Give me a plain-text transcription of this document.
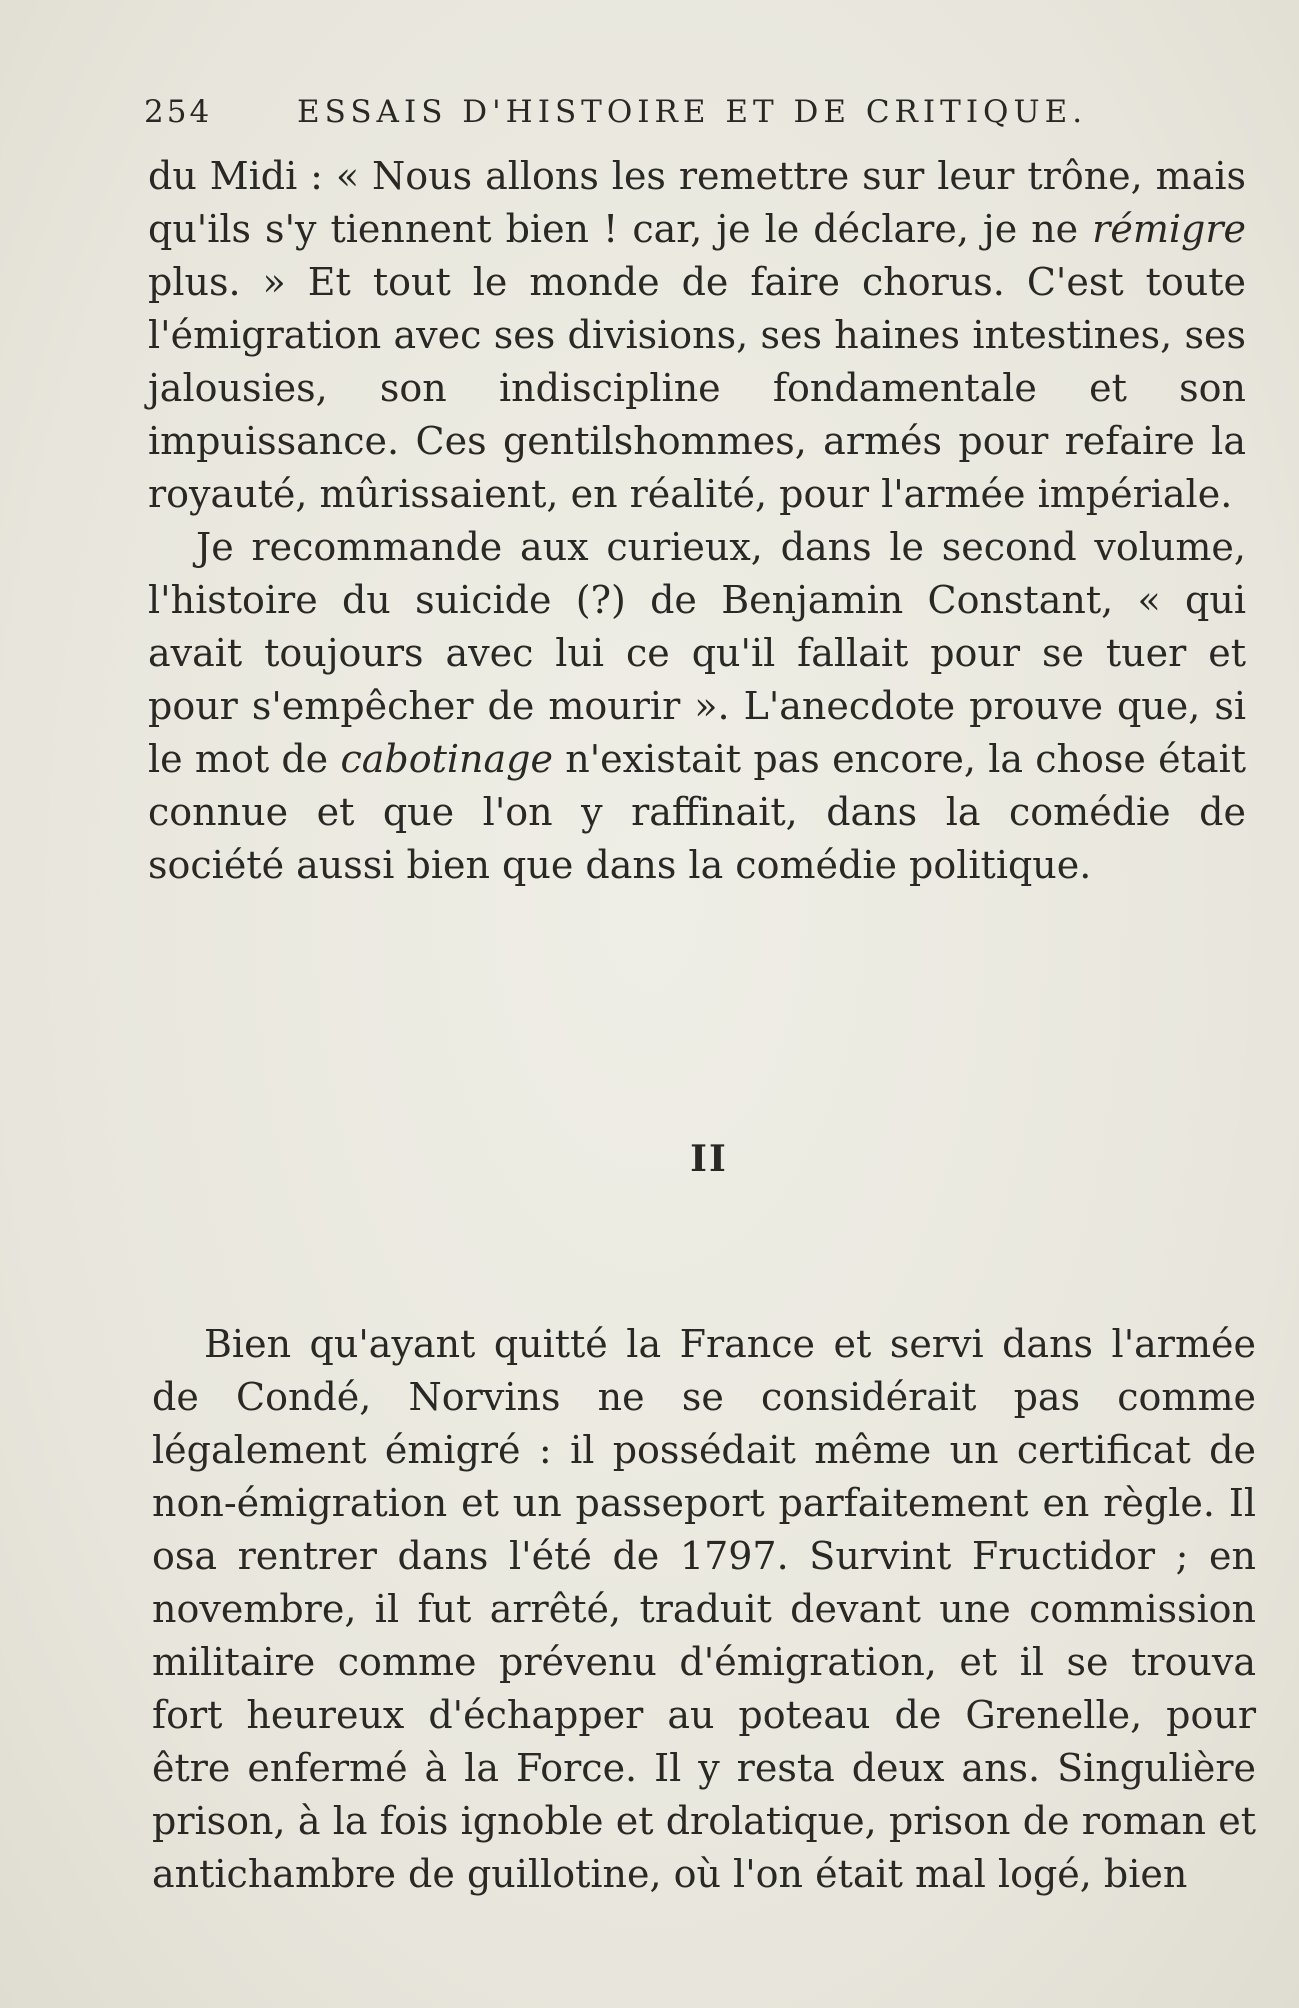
254	ESSAIS D'HISTOIRE ET DE CRITIQUE.

du Midi : « Nous allons les remettre sur leur trône, mais qu'ils s'y tiennent bien ! car, je le déclare, je ne rémigre plus. » Et tout le monde de faire chorus. C'est toute l'émigration avec ses divisions, ses haines intestines, ses jalousies, son indiscipline fondamentale et son impuissance. Ces gentilshommes, armés pour refaire la royauté, mûrissaient, en réalité, pour l'armée impériale.

Je recommande aux curieux, dans le second volume, l'histoire du suicide (?) de Benjamin Constant, « qui avait toujours avec lui ce qu'il fallait pour se tuer et pour s'empêcher de mourir ». L'anecdote prouve que, si le mot de cabotinage n'existait pas encore, la chose était connue et que l'on y raffinait, dans la comédie de société aussi bien que dans la comédie politique.

II

Bien qu'ayant quitté la France et servi dans l'armée de Condé, Norvins ne se considérait pas comme légalement émigré : il possédait même un certificat de non-émigration et un passeport parfaitement en règle. Il osa rentrer dans l'été de 1797. Survint Fructidor ; en novembre, il fut arrêté, traduit devant une commission militaire comme prévenu d'émigration, et il se trouva fort heureux d'échapper au poteau de Grenelle, pour être enfermé à la Force. Il y resta deux ans. Singulière prison, à la fois ignoble et drolatique, prison de roman et antichambre de guillotine, où l'on était mal logé, bien
